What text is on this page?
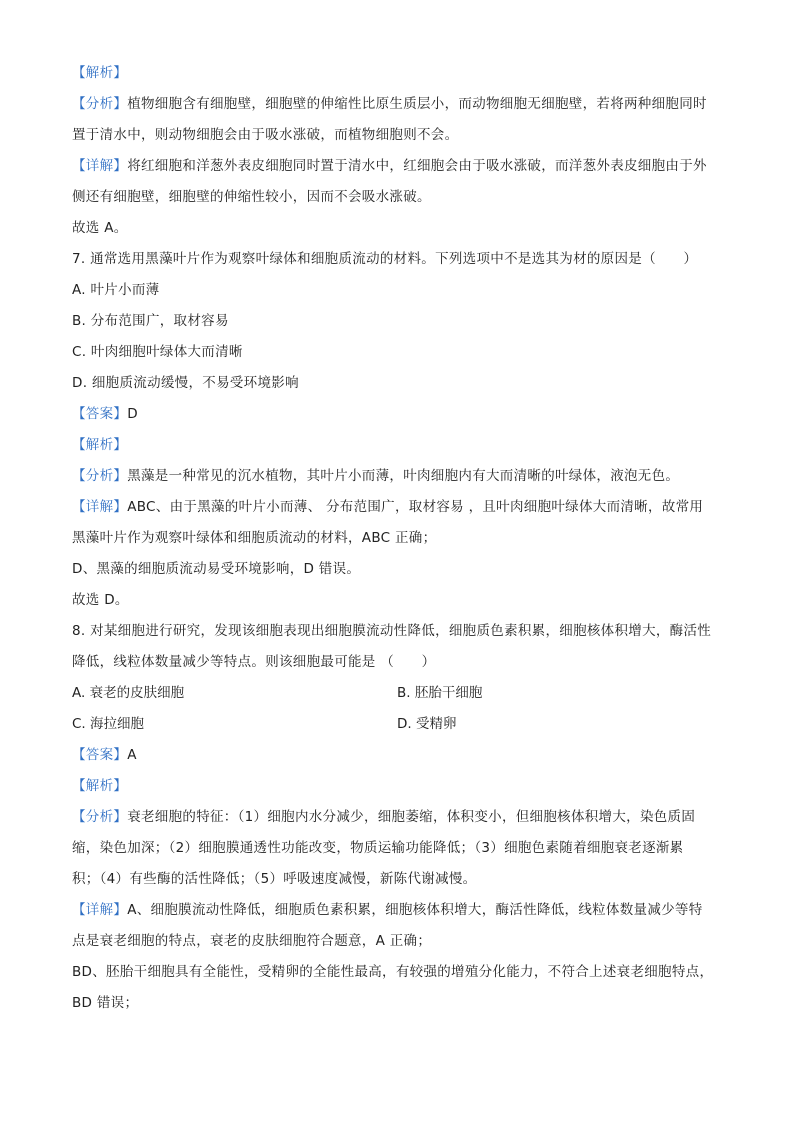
【解析】
【分析】植物细胞含有细胞壁，细胞壁的伸缩性比原生质层小，而动物细胞无细胞壁，若将两种细胞同时
置于清水中，则动物细胞会由于吸水涨破，而植物细胞则不会。
【详解】将红细胞和洋葱外表皮细胞同时置于清水中，红细胞会由于吸水涨破，而洋葱外表皮细胞由于外
侧还有细胞壁，细胞壁的伸缩性较小，因而不会吸水涨破。
故选 A。
7. 通常选用黑藻叶片作为观察叶绿体和细胞质流动的材料。下列选项中不是选其为材的原因是（　　）
A. 叶片小而薄
B. 分布范围广，取材容易
C. 叶肉细胞叶绿体大而清晰
D. 细胞质流动缓慢，不易受环境影响
【答案】D
【解析】
【分析】黑藻是一种常见的沉水植物，其叶片小而薄，叶肉细胞内有大而清晰的叶绿体，液泡无色。
【详解】ABC、由于黑藻的叶片小而薄、 分布范围广，取材容易 ，且叶肉细胞叶绿体大而清晰，故常用
黑藻叶片作为观察叶绿体和细胞质流动的材料，ABC 正确；
D、黑藻的细胞质流动易受环境影响，D 错误。
故选 D。
8. 对某细胞进行研究，发现该细胞表现出细胞膜流动性降低，细胞质色素积累，细胞核体积增大，酶活性
降低，线粒体数量减少等特点。则该细胞最可能是 （　　）
A. 衰老的皮肤细胞	B. 胚胎干细胞
C. 海拉细胞	D. 受精卵
【答案】A
【解析】
【分析】衰老细胞的特征：（1）细胞内水分减少，细胞萎缩，体积变小，但细胞核体积增大，染色质固
缩，染色加深；（2）细胞膜通透性功能改变，物质运输功能降低；（3）细胞色素随着细胞衰老逐渐累
积；（4）有些酶的活性降低；（5）呼吸速度减慢，新陈代谢减慢。
【详解】A、细胞膜流动性降低，细胞质色素积累，细胞核体积增大，酶活性降低，线粒体数量减少等特
点是衰老细胞的特点，衰老的皮肤细胞符合题意，A 正确；
BD、胚胎干细胞具有全能性，受精卵的全能性最高，有较强的增殖分化能力，不符合上述衰老细胞特点，
BD 错误；
